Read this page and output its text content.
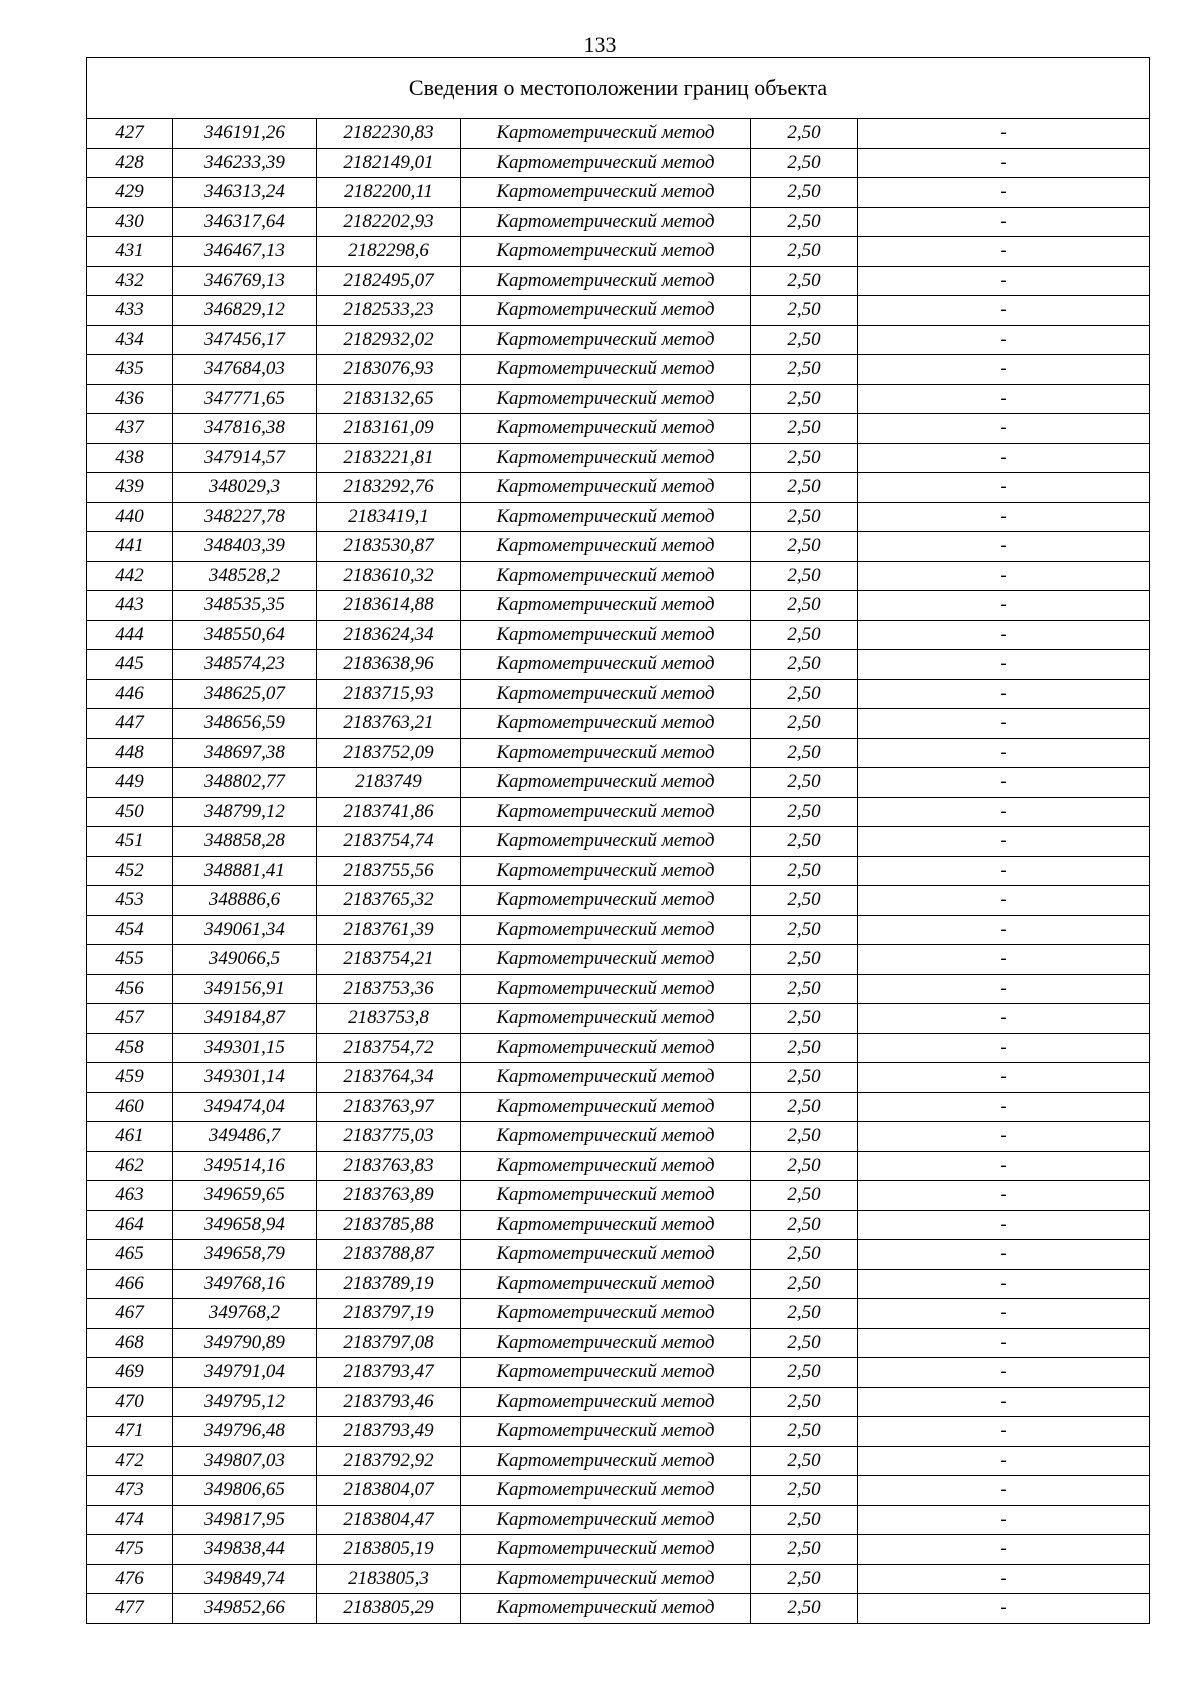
133
Сведения о местоположении границ объекта					
427	346191,26	2182230,83	Картометрический метод	2,50	-
428	346233,39	2182149,01	Картометрический метод	2,50	-
429	346313,24	2182200,11	Картометрический метод	2,50	-
430	346317,64	2182202,93	Картометрический метод	2,50	-
431	346467,13	2182298,6	Картометрический метод	2,50	-
432	346769,13	2182495,07	Картометрический метод	2,50	-
433	346829,12	2182533,23	Картометрический метод	2,50	-
434	347456,17	2182932,02	Картометрический метод	2,50	-
435	347684,03	2183076,93	Картометрический метод	2,50	-
436	347771,65	2183132,65	Картометрический метод	2,50	-
437	347816,38	2183161,09	Картометрический метод	2,50	-
438	347914,57	2183221,81	Картометрический метод	2,50	-
439	348029,3	2183292,76	Картометрический метод	2,50	-
440	348227,78	2183419,1	Картометрический метод	2,50	-
441	348403,39	2183530,87	Картометрический метод	2,50	-
442	348528,2	2183610,32	Картометрический метод	2,50	-
443	348535,35	2183614,88	Картометрический метод	2,50	-
444	348550,64	2183624,34	Картометрический метод	2,50	-
445	348574,23	2183638,96	Картометрический метод	2,50	-
446	348625,07	2183715,93	Картометрический метод	2,50	-
447	348656,59	2183763,21	Картометрический метод	2,50	-
448	348697,38	2183752,09	Картометрический метод	2,50	-
449	348802,77	2183749	Картометрический метод	2,50	-
450	348799,12	2183741,86	Картометрический метод	2,50	-
451	348858,28	2183754,74	Картометрический метод	2,50	-
452	348881,41	2183755,56	Картометрический метод	2,50	-
453	348886,6	2183765,32	Картометрический метод	2,50	-
454	349061,34	2183761,39	Картометрический метод	2,50	-
455	349066,5	2183754,21	Картометрический метод	2,50	-
456	349156,91	2183753,36	Картометрический метод	2,50	-
457	349184,87	2183753,8	Картометрический метод	2,50	-
458	349301,15	2183754,72	Картометрический метод	2,50	-
459	349301,14	2183764,34	Картометрический метод	2,50	-
460	349474,04	2183763,97	Картометрический метод	2,50	-
461	349486,7	2183775,03	Картометрический метод	2,50	-
462	349514,16	2183763,83	Картометрический метод	2,50	-
463	349659,65	2183763,89	Картометрический метод	2,50	-
464	349658,94	2183785,88	Картометрический метод	2,50	-
465	349658,79	2183788,87	Картометрический метод	2,50	-
466	349768,16	2183789,19	Картометрический метод	2,50	-
467	349768,2	2183797,19	Картометрический метод	2,50	-
468	349790,89	2183797,08	Картометрический метод	2,50	-
469	349791,04	2183793,47	Картометрический метод	2,50	-
470	349795,12	2183793,46	Картометрический метод	2,50	-
471	349796,48	2183793,49	Картометрический метод	2,50	-
472	349807,03	2183792,92	Картометрический метод	2,50	-
473	349806,65	2183804,07	Картометрический метод	2,50	-
474	349817,95	2183804,47	Картометрический метод	2,50	-
475	349838,44	2183805,19	Картометрический метод	2,50	-
476	349849,74	2183805,3	Картометрический метод	2,50	-
477	349852,66	2183805,29	Картометрический метод	2,50	-
